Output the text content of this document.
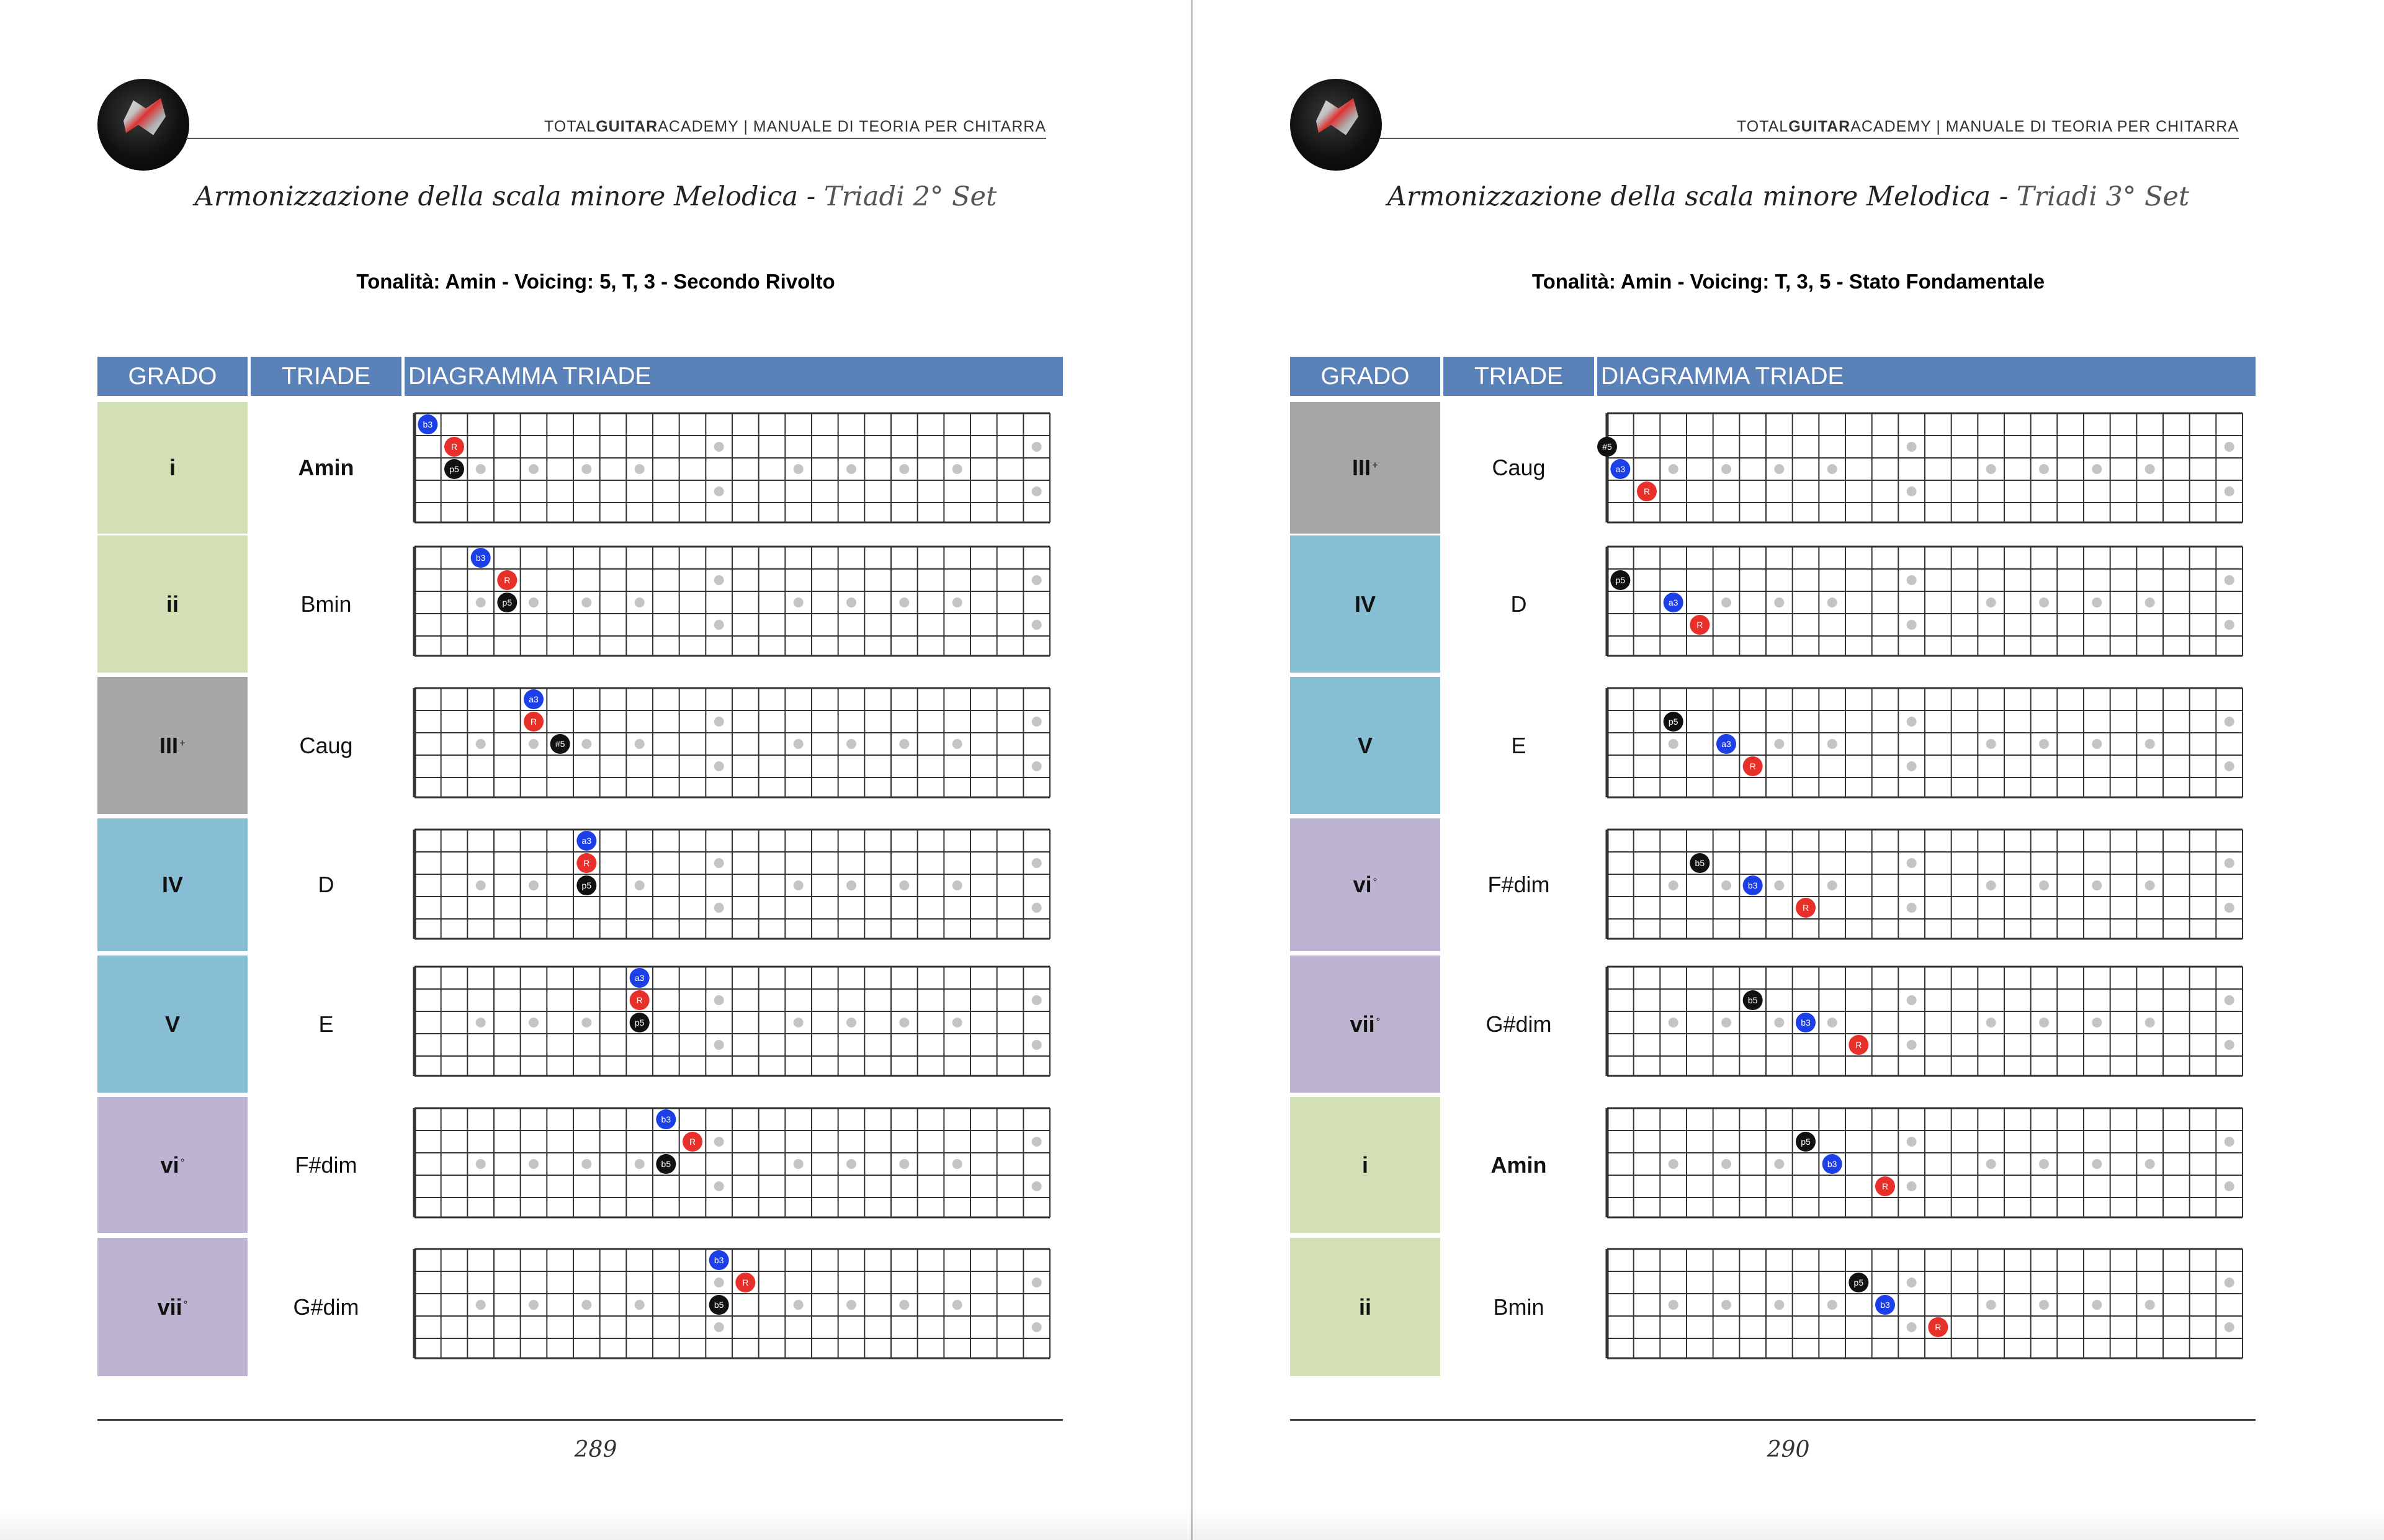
TOTALGUITARACADEMY | MANUALE DI TEORIA PER CHITARRA
Armonizzazione della scala minore Melodica - Triadi 2° Set
Tonalità: Amin - Voicing: 5, T, 3 - Secondo Rivolto
GRADO	TRIADE	DIAGRAMMA TRIADE
289
i	Amin
b3
R
p5
ii	Bmin
b3
R
p5
III+	Caug
a3
R
#5
IV	D
a3
R
p5
V	E
a3
R
p5
vi°	F#dim
b3
R
b5
vii°	G#dim
b3
R
b5
TOTALGUITARACADEMY | MANUALE DI TEORIA PER CHITARRA
Armonizzazione della scala minore Melodica - Triadi 3° Set
Tonalità: Amin - Voicing: T, 3, 5 - Stato Fondamentale
GRADO	TRIADE	DIAGRAMMA TRIADE
290
III+	Caug
#5
a3
R
IV	D
p5
a3
R
V	E
p5
a3
R
vi°	F#dim
b5
b3
R
vii°	G#dim
b5
b3
R
i	Amin
p5
b3
R
ii	Bmin
p5
b3
R
